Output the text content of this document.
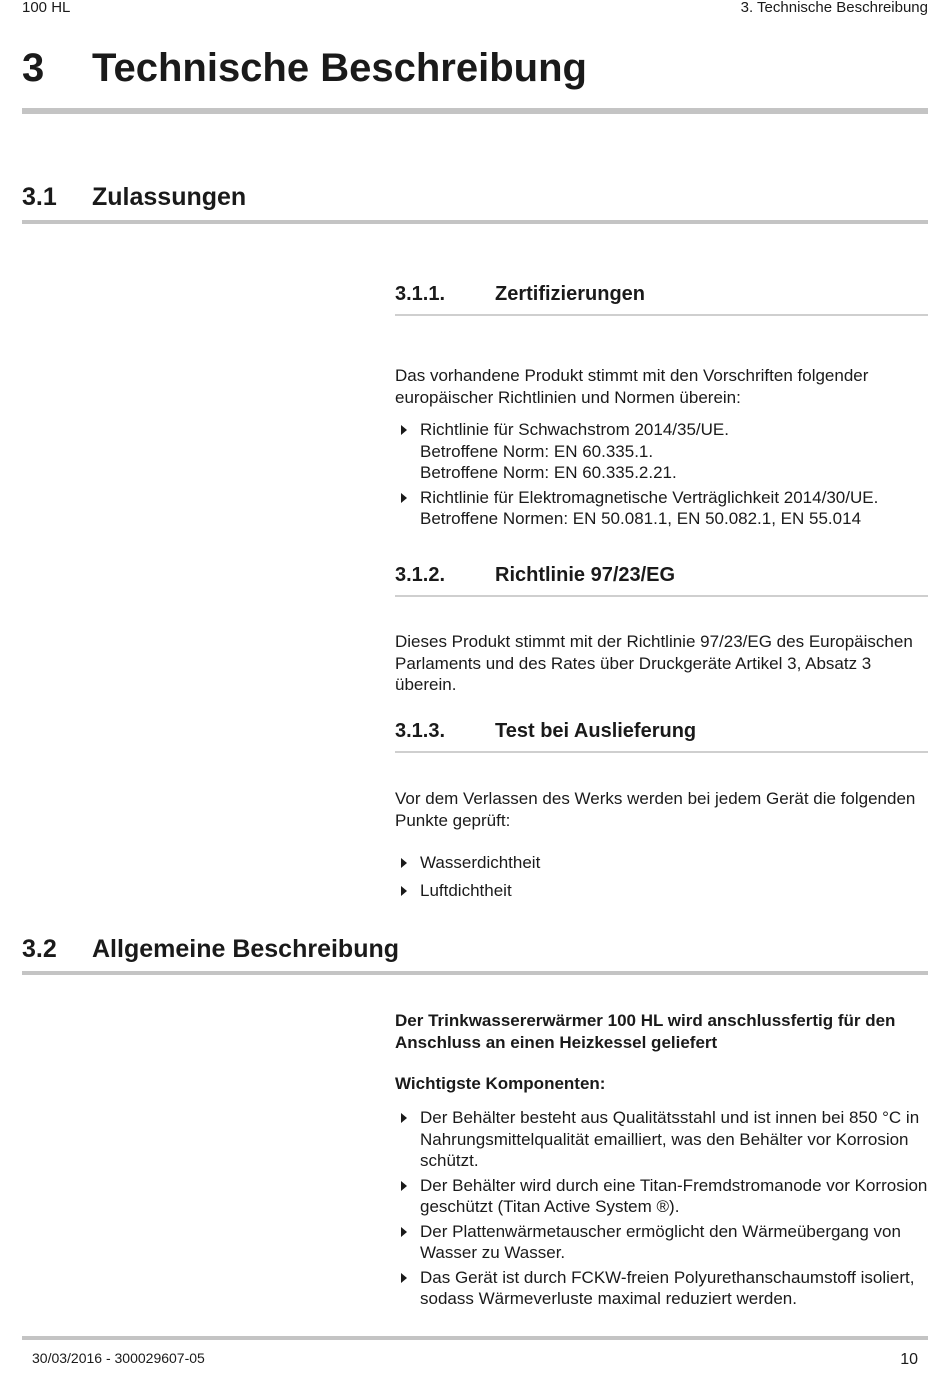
100 HL	3. Technische Beschreibung
3 Technische Beschreibung
3.1 Zulassungen
3.1.1. Zertifizierungen
Das vorhandene Produkt stimmt mit den Vorschriften folgender europäischer Richtlinien und Normen überein:
Richtlinie für Schwachstrom 2014/35/UE.
Betroffene Norm: EN 60.335.1.
Betroffene Norm: EN 60.335.2.21.
Richtlinie für Elektromagnetische Verträglichkeit 2014/30/UE.
Betroffene Normen: EN 50.081.1, EN 50.082.1, EN 55.014
3.1.2. Richtlinie 97/23/EG
Dieses Produkt stimmt mit der Richtlinie 97/23/EG des Europäischen Parlaments und des Rates über Druckgeräte Artikel 3, Absatz 3 überein.
3.1.3. Test bei Auslieferung
Vor dem Verlassen des Werks werden bei jedem Gerät die folgenden Punkte geprüft:
Wasserdichtheit
Luftdichtheit
3.2 Allgemeine Beschreibung
Der Trinkwassererwärmer 100 HL wird anschlussfertig für den Anschluss an einen Heizkessel geliefert
Wichtigste Komponenten:
Der Behälter besteht aus Qualitätsstahl und ist innen bei 850 °C in Nahrungsmittelqualität emailliert, was den Behälter vor Korrosion schützt.
Der Behälter wird durch eine Titan-Fremdstromanode vor Korrosion geschützt (Titan Active System ®).
Der Plattenwärmetauscher ermöglicht den Wärmeübergang von Wasser zu Wasser.
Das Gerät ist durch FCKW-freien Polyurethanschaumstoff isoliert, sodass Wärmeverluste maximal reduziert werden.
30/03/2016 - 300029607-05	10
